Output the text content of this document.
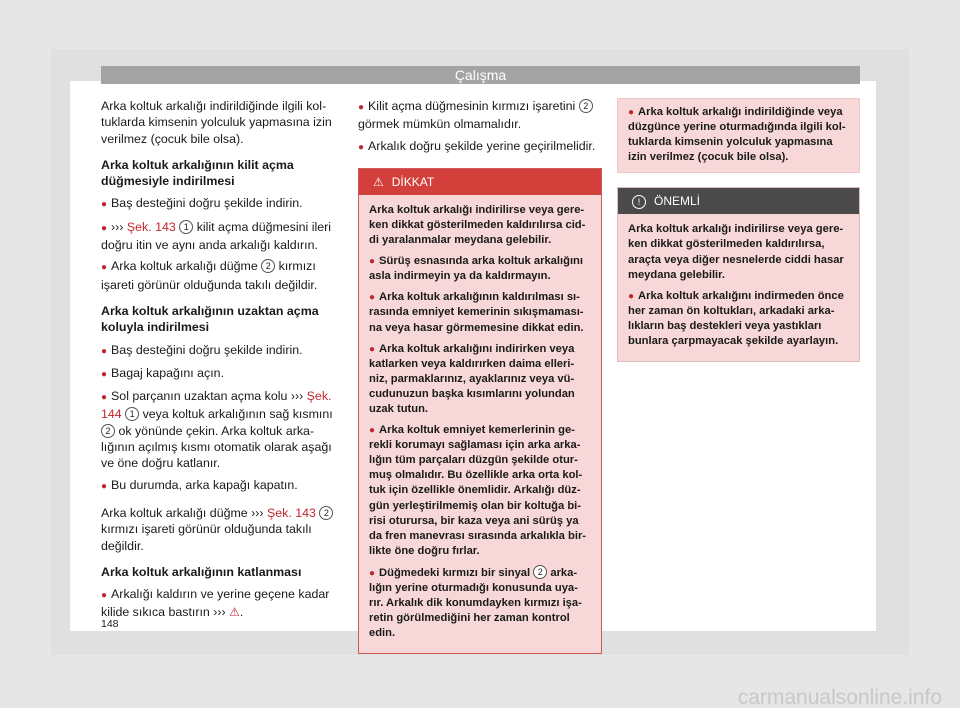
Çalışma

Arka koltuk arkalığı indirildiğinde ilgili kol-tuklarda kimsenin yolculuk yapmasına izin verilmez (çocuk bile olsa).

Arka koltuk arkalığının kilit açma düğmesiyle indirilmesi

● Baş desteğini doğru şekilde indirin.

● ››› Şek. 143 1 kilit açma düğmesini ileri doğru itin ve aynı anda arkalığı kaldırın.

● Arka koltuk arkalığı düğme 2 kırmızı işareti görünür olduğunda takılı değildir.

Arka koltuk arkalığının uzaktan açma koluyla indirilmesi

● Baş desteğini doğru şekilde indirin.

● Bagaj kapağını açın.

● Sol parçanın uzaktan açma kolu ››› Şek. 144 1 veya koltuk arkalığının sağ kısmını 2 ok yönünde çekin. Arka koltuk arka-lığının açılmış kısmı otomatik olarak aşağı ve öne doğru katlanır.

● Bu durumda, arka kapağı kapatın.

Arka koltuk arkalığı düğme ››› Şek. 143 2 kırmızı işareti görünür olduğunda takılı değildir.

Arka koltuk arkalığının katlanması

● Arkalığı kaldırın ve yerine geçene kadar kilide sıkıca bastırın ››› ⚠.

● Kilit açma düğmesinin kırmızı işaretini 2 görmek mümkün olmamalıdır.

● Arkalık doğru şekilde yerine geçirilmelidir.

⚠ DİKKAT

Arka koltuk arkalığı indirilirse veya gere-ken dikkat gösterilmeden kaldırılırsa cid-di yaralanmalar meydana gelebilir.

● Sürüş esnasında arka koltuk arkalığını asla indirmeyin ya da kaldırmayın.

● Arka koltuk arkalığının kaldırılması sı-rasında emniyet kemerinin sıkışmaması-na veya hasar görmemesine dikkat edin.

● Arka koltuk arkalığını indirirken veya katlarken veya kaldırırken daima elleri-niz, parmaklarınız, ayaklarınız veya vü-cudunuzun başka kısımlarını yolundan uzak tutun.

● Arka koltuk emniyet kemerlerinin ge-rekli korumayı sağlaması için arka arka-lığın tüm parçaları düzgün şekilde otur-muş olmalıdır. Bu özellikle arka orta kol-tuk için özellikle önemlidir. Arkalığı düz-gün yerleştirilmemiş olan bir koltuğa bi-risi oturursa, bir kaza veya ani sürüş ya da fren manevrası sırasında arkalıkla bir-likte öne doğru fırlar.

● Düğmedeki kırmızı bir sinyal 2 arka-lığın yerine oturmadığı konusunda uya-rır. Arkalık dik konumdayken kırmızı işa-retin görülmediğini her zaman kontrol edin.

● Arka koltuk arkalığı indirildiğinde veya düzgünce yerine oturmadığında ilgili kol-tuklarda kimsenin yolculuk yapmasına izin verilmez (çocuk bile olsa).
! ÖNEMLİ

Arka koltuk arkalığı indirilirse veya gere-ken dikkat gösterilmeden kaldırılırsa, araçta veya diğer nesnelerde ciddi hasar meydana gelebilir.

● Arka koltuk arkalığını indirmeden önce her zaman ön koltukları, arkadaki arka-lıkların baş destekleri veya yastıkları bunlara çarpmayacak şekilde ayarlayın.

148
carmanualsonline.info
